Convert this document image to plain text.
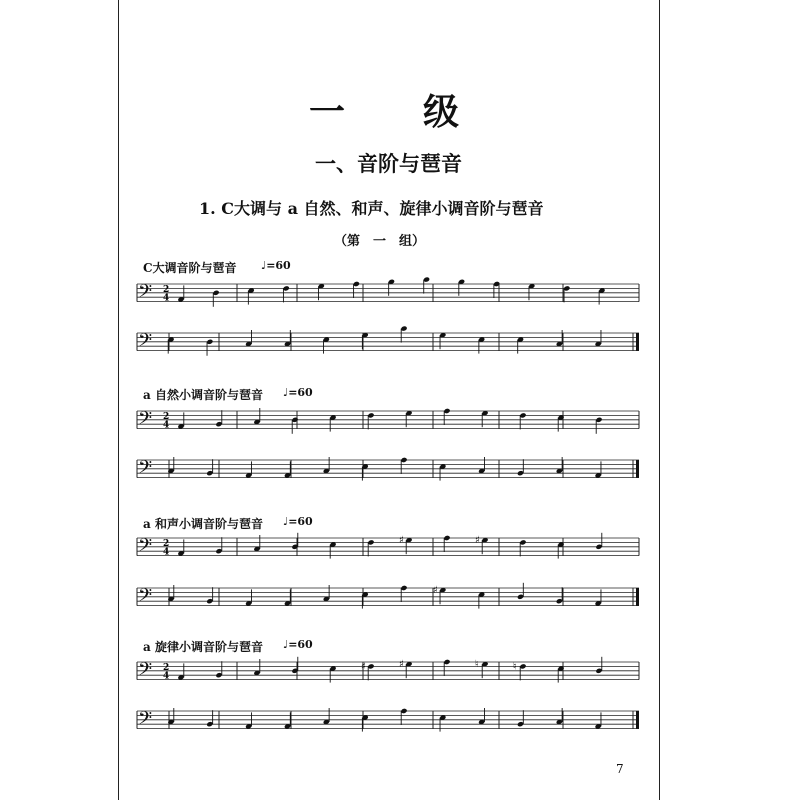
一　　级
一、音阶与琶音
1. C大调与 a 自然、和声、旋律小调音阶与琶音
（第　一　组）
C大调音阶与琶音 ♩=60
a 自然小调音阶与琶音 ♩=60
a 和声小调音阶与琶音 ♩=60
a 旋律小调音阶与琶音 ♩=60
𝄢 2
4
𝄢
𝄢 2
4
𝄢
𝄢 2
4
♯	♯
𝄢	♯
𝄢 2
4
♯	♯	♮	♮
𝄢
7
